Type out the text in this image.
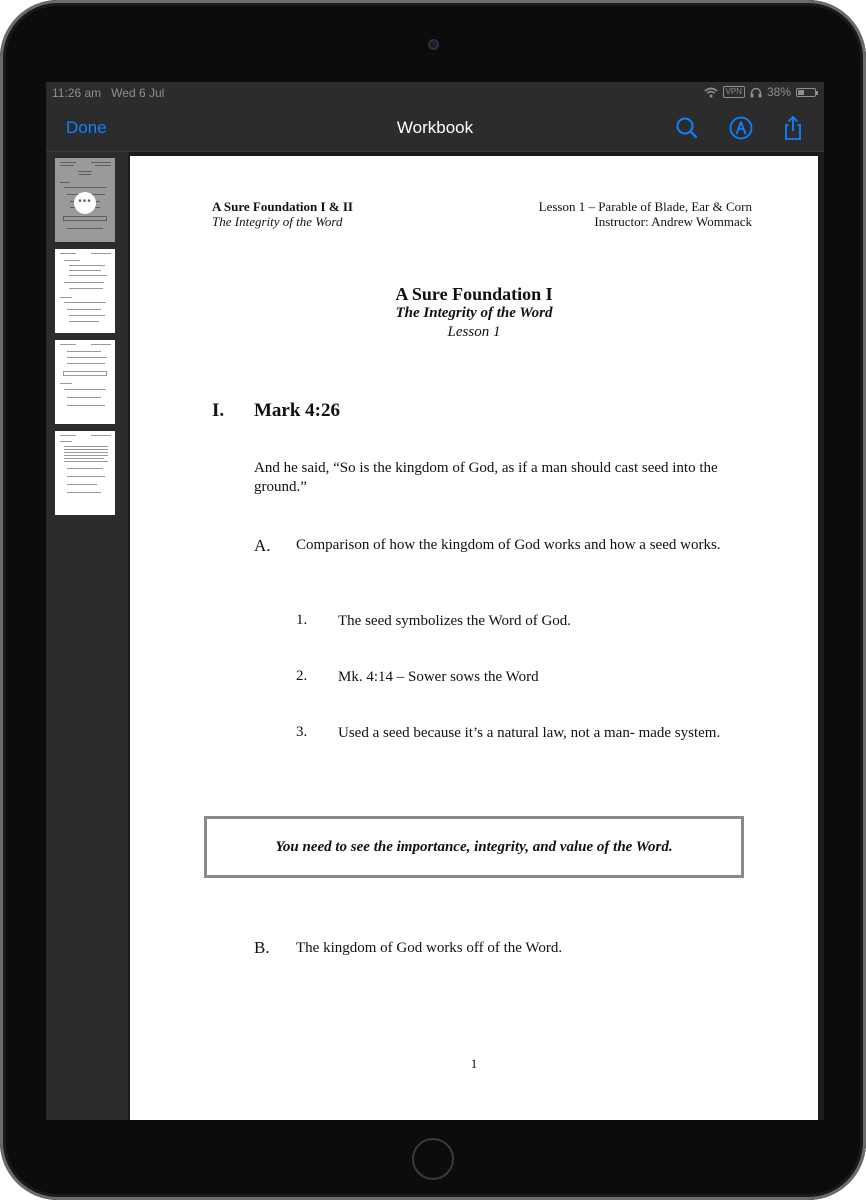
11:26 am Wed 6 Jul	VPN 38%
Done	Workbook
•••	A Sure Foundation I & II
The Integrity of the Word
Lesson 1 – Parable of Blade, Ear & Corn
Instructor: Andrew Wommack
A Sure Foundation I
The Integrity of the Word
Lesson 1
I. Mark 4:26
And he said, “So is the kingdom of God, as if a man should cast seed into the ground.”
A. Comparison of how the kingdom of God works and how a seed works.
1. The seed symbolizes the Word of God.
2. Mk. 4:14 – Sower sows the Word
3. Used a seed because it’s a natural law, not a man- made system.
You need to see the importance, integrity, and value of the Word.
B. The kingdom of God works off of the Word.
1
